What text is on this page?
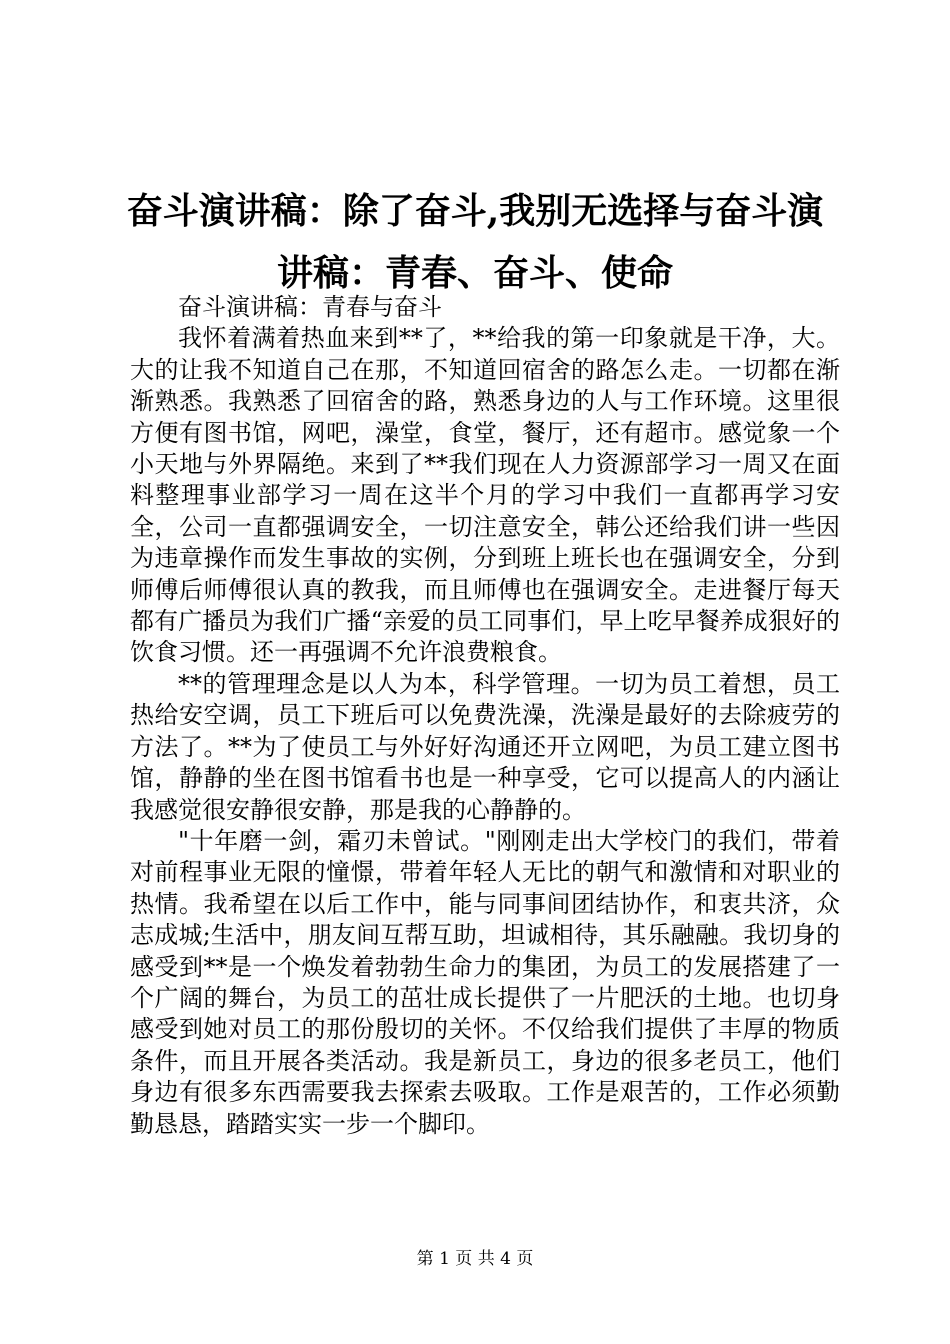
奋斗演讲稿：除了奋斗,我别无选择与奋斗演讲稿：青春、奋斗、使命

奋斗演讲稿：青春与奋斗

我怀着满着热血来到**了，**给我的第一印象就是干净，大。大的让我不知道自己在那，不知道回宿舍的路怎么走。一切都在渐渐熟悉。我熟悉了回宿舍的路，熟悉身边的人与工作环境。这里很方便有图书馆，网吧，澡堂，食堂，餐厅，还有超市。感觉象一个小天地与外界隔绝。来到了**我们现在人力资源部学习一周又在面料整理事业部学习一周在这半个月的学习中我们一直都再学习安全，公司一直都强调安全，一切注意安全，韩公还给我们讲一些因为违章操作而发生事故的实例，分到班上班长也在强调安全，分到师傅后师傅很认真的教我，而且师傅也在强调安全。走进餐厅每天都有广播员为我们广播“亲爱的员工同事们，早上吃早餐养成狠好的饮食习惯。还一再强调不允许浪费粮食。

**的管理理念是以人为本，科学管理。一切为员工着想，员工热给安空调，员工下班后可以免费洗澡，洗澡是最好的去除疲劳的方法了。**为了使员工与外好好沟通还开立网吧，为员工建立图书馆，静静的坐在图书馆看书也是一种享受，它可以提高人的内涵让我感觉很安静很安静，那是我的心静静的。

"十年磨一剑，霜刃未曾试。"刚刚走出大学校门的我们，带着对前程事业无限的憧憬，带着年轻人无比的朝气和激情和对职业的热情。我希望在以后工作中，能与同事间团结协作，和衷共济，众志成城;生活中，朋友间互帮互助，坦诚相待，其乐融融。我切身的感受到**是一个焕发着勃勃生命力的集团，为员工的发展搭建了一个广阔的舞台，为员工的茁壮成长提供了一片肥沃的土地。也切身感受到她对员工的那份殷切的关怀。不仅给我们提供了丰厚的物质条件，而且开展各类活动。我是新员工，身边的很多老员工，他们身边有很多东西需要我去探索去吸取。工作是艰苦的，工作必须勤勤恳恳，踏踏实实一步一个脚印。

第 1 页 共 4 页
